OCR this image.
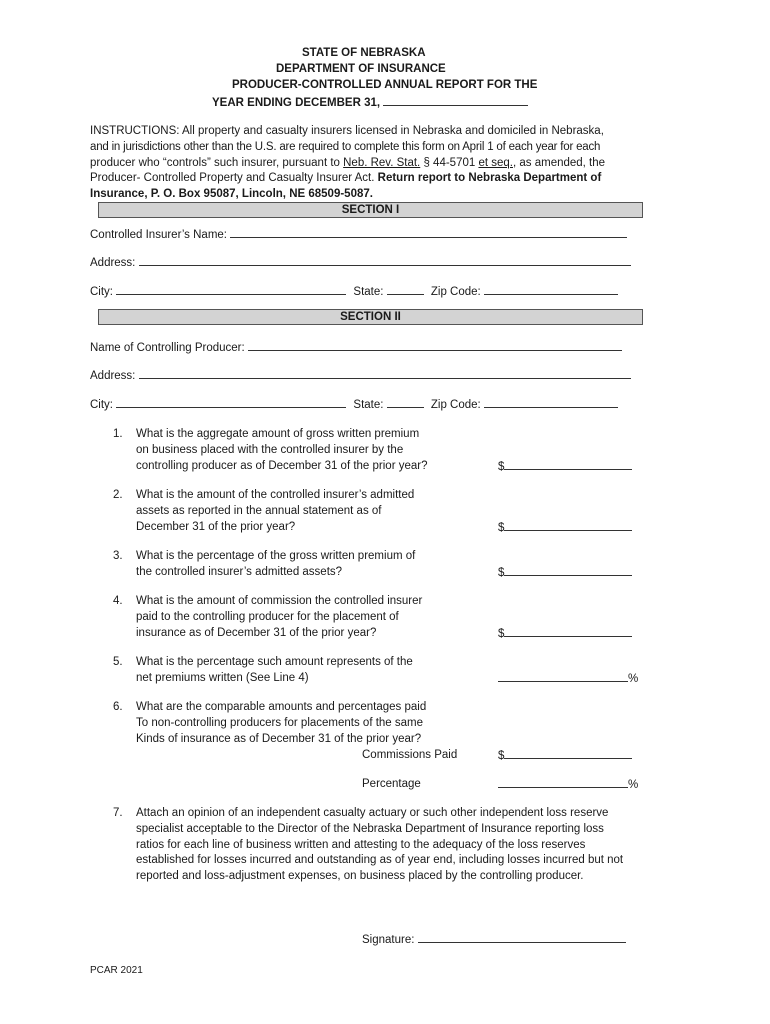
STATE OF NEBRASKA
DEPARTMENT OF INSURANCE
PRODUCER-CONTROLLED ANNUAL REPORT FOR THE
YEAR ENDING DECEMBER 31,
INSTRUCTIONS: All property and casualty insurers licensed in Nebraska and domiciled in Nebraska,
and in jurisdictions other than the U.S. are required to complete this form on April 1 of each year for each
producer who “controls” such insurer, pursuant to Neb. Rev. Stat. § 44-5701 et seq., as amended, the
Producer- Controlled Property and Casualty Insurer Act. Return report to Nebraska Department of
Insurance, P. O. Box 95087, Lincoln, NE 68509-5087.
SECTION I
Controlled Insurer’s Name:
Address:
City:	State:	Zip Code:
SECTION II
Name of Controlling Producer:
Address:
City:	State:	Zip Code:
1. What is the aggregate amount of gross written premium
on business placed with the controlled insurer by the
controlling producer as of December 31 of the prior year?	$
2. What is the amount of the controlled insurer’s admitted
assets as reported in the annual statement as of
December 31 of the prior year?	$
3. What is the percentage of the gross written premium of
the controlled insurer’s admitted assets?	$
4. What is the amount of commission the controlled insurer
paid to the controlling producer for the placement of
insurance as of December 31 of the prior year?	$
5. What is the percentage such amount represents of the
net premiums written (See Line 4)	%
6. What are the comparable amounts and percentages paid
To non-controlling producers for placements of the same
Kinds of insurance as of December 31 of the prior year?
Commissions Paid	$
Percentage	%
7. Attach an opinion of an independent casualty actuary or such other independent loss reserve
specialist acceptable to the Director of the Nebraska Department of Insurance reporting loss
ratios for each line of business written and attesting to the adequacy of the loss reserves
established for losses incurred and outstanding as of year end, including losses incurred but not
reported and loss-adjustment expenses, on business placed by the controlling producer.
Signature:
PCAR 2021
